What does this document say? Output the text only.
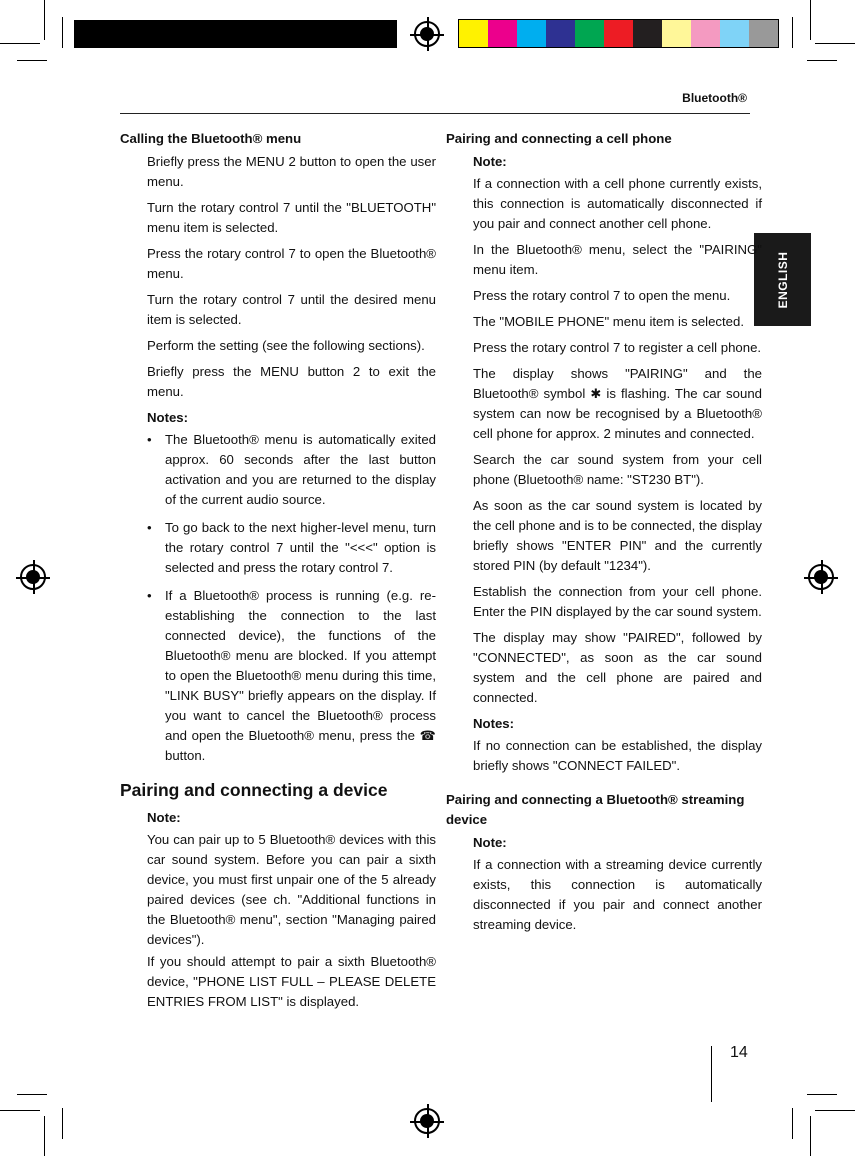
Bluetooth®
ENGLISH
Calling the Bluetooth® menu
Briefly press the MENU 2 button to open the user menu.
Turn the rotary control 7 until the "BLUETOOTH" menu item is selected.
Press the rotary control 7 to open the Bluetooth® menu.
Turn the rotary control 7 until the desired menu item is selected.
Perform the setting (see the following sections).
Briefly press the MENU button 2 to exit the menu.
Notes:
• The Bluetooth® menu is automatically exited approx. 60 seconds after the last button activation and you are returned to the display of the current audio source.
• To go back to the next higher-level menu, turn the rotary control 7 until the "<<<" option is selected and press the rotary control 7.
• If a Bluetooth® process is running (e.g. re-establishing the connection to the last connected device), the functions of the Bluetooth® menu are blocked. If you attempt to open the Bluetooth® menu during this time, "LINK BUSY" briefly appears on the display. If you want to cancel the Bluetooth® process and open the Bluetooth® menu, press the ☎ button.
Pairing and connecting a device
Note:
You can pair up to 5 Bluetooth® devices with this car sound system. Before you can pair a sixth device, you must first unpair one of the 5 already paired devices (see ch. "Additional functions in the Bluetooth® menu", section "Managing paired devices").
If you should attempt to pair a sixth Bluetooth® device, "PHONE LIST FULL – PLEASE DELETE ENTRIES FROM LIST" is displayed.
Pairing and connecting a cell phone
Note:
If a connection with a cell phone currently exists, this connection is automatically disconnected if you pair and connect another cell phone.
In the Bluetooth® menu, select the "PAIRING" menu item.
Press the rotary control 7 to open the menu.
The "MOBILE PHONE" menu item is selected.
Press the rotary control 7 to register a cell phone.
The display shows "PAIRING" and the Bluetooth® symbol ✱ is flashing. The car sound system can now be recognised by a Bluetooth® cell phone for approx. 2 minutes and connected.
Search the car sound system from your cell phone (Bluetooth® name: "ST230 BT").
As soon as the car sound system is located by the cell phone and is to be connected, the display briefly shows "ENTER PIN" and the currently stored PIN (by default "1234").
Establish the connection from your cell phone. Enter the PIN displayed by the car sound system.
The display may show "PAIRED", followed by "CONNECTED", as soon as the car sound system and the cell phone are paired and connected.
Notes:
If no connection can be established, the display briefly shows "CONNECT FAILED".
Pairing and connecting a Bluetooth® streaming device
Note:
If a connection with a streaming device currently exists, this connection is automatically disconnected if you pair and connect another streaming device.
14
